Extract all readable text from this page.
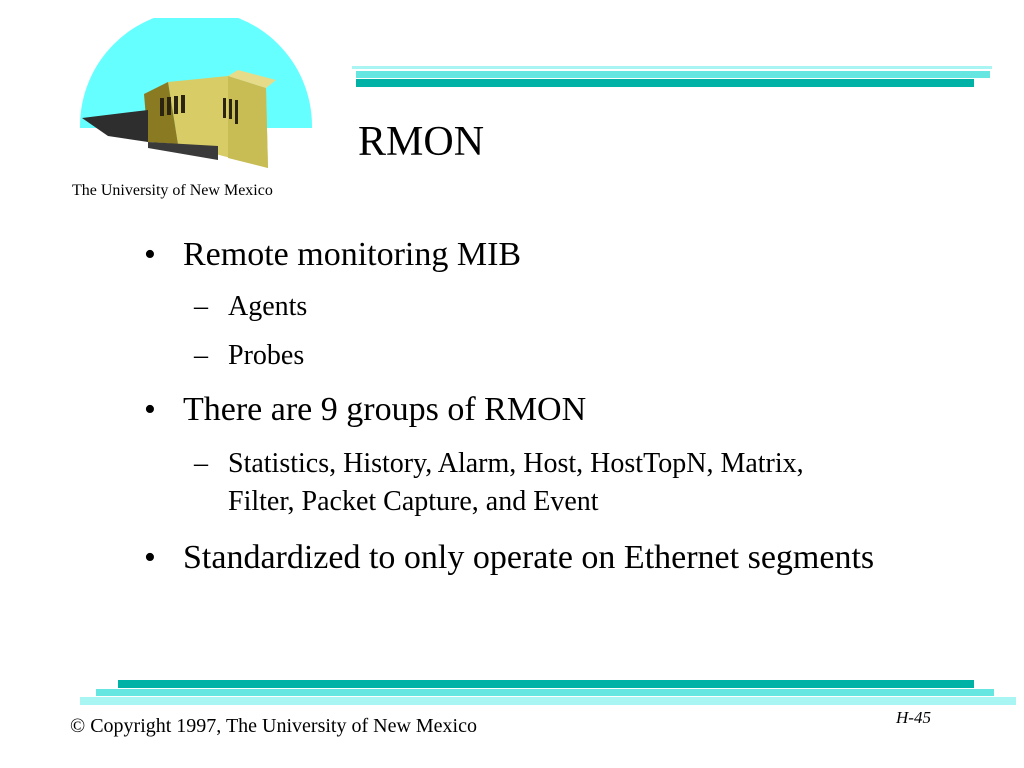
The University of New Mexico
RMON
• Remote monitoring MIB
– Agents
– Probes
• There are 9 groups of RMON
– Statistics, History, Alarm, Host, HostTopN, Matrix,
Filter, Packet Capture, and Event
• Standardized to only operate on Ethernet segments
© Copyright 1997, The University of New Mexico	H-45
